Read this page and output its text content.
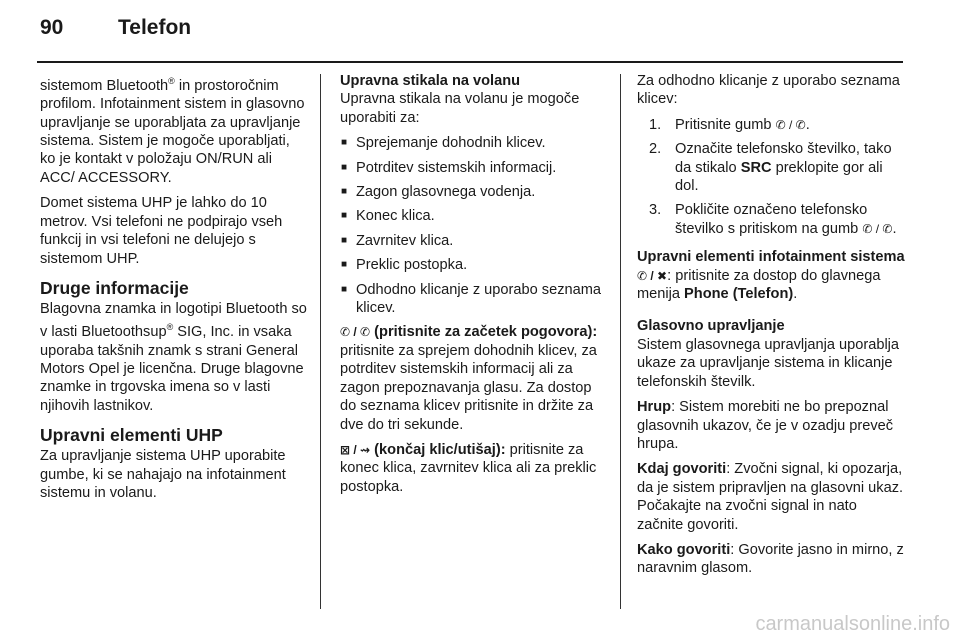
90	Telefon

sistemom Bluetooth® in prostoročnim profilom. Infotainment sistem in glasovno upravljanje se uporabljata za upravljanje sistema. Sistem je mogoče uporabljati, ko je kontakt v položaju ON/RUN ali ACC/ ACCESSORY.

Domet sistema UHP je lahko do 10 metrov. Vsi telefoni ne podpirajo vseh funkcij in vsi telefoni ne delujejo s sistemom UHP.

Druge informacije

Blagovna znamka in logotipi Bluetooth so v lasti Bluetoothsup® SIG, Inc. in vsaka uporaba takšnih znamk s strani General Motors Opel je licenčna. Druge blagovne znamke in trgovska imena so v lasti njihovih lastnikov.

Upravni elementi UHP

Za upravljanje sistema UHP uporabite gumbe, ki se nahajajo na infotainment sistemu in volanu.

Upravna stikala na volanu

Upravna stikala na volanu je mogoče uporabiti za:

■ Sprejemanje dohodnih klicev.
■ Potrditev sistemskih informacij.
■ Zagon glasovnega vodenja.
■ Konec klica.
■ Zavrnitev klica.
■ Preklic postopka.
■ Odhodno klicanje z uporabo seznama klicev.

✆ / ✆ (pritisnite za začetek pogovora): pritisnite za sprejem dohodnih klicev, za potrditev sistemskih informacij ali za zagon prepoznavanja glasu. Za dostop do seznama klicev pritisnite in držite za dve do tri sekunde.

⊠ / ⇝ (končaj klic/utišaj): pritisnite za konec klica, zavrnitev klica ali za preklic postopka.

Za odhodno klicanje z uporabo seznama klicev:

1. Pritisnite gumb ✆ / ✆.
2. Označite telefonsko številko, tako da stikalo SRC preklopite gor ali dol.
3. Pokličite označeno telefonsko številko s pritiskom na gumb ✆ / ✆.

Upravni elementi infotainment sistema

✆ / ✖: pritisnite za dostop do glavnega menija Phone (Telefon).

Glasovno upravljanje

Sistem glasovnega upravljanja uporablja ukaze za upravljanje sistema in klicanje telefonskih številk.

Hrup: Sistem morebiti ne bo prepoznal glasovnih ukazov, če je v ozadju preveč hrupa.

Kdaj govoriti: Zvočni signal, ki opozarja, da je sistem pripravljen na glasovni ukaz. Počakajte na zvočni signal in nato začnite govoriti.

Kako govoriti: Govorite jasno in mirno, z naravnim glasom.

carmanualsonline.info
